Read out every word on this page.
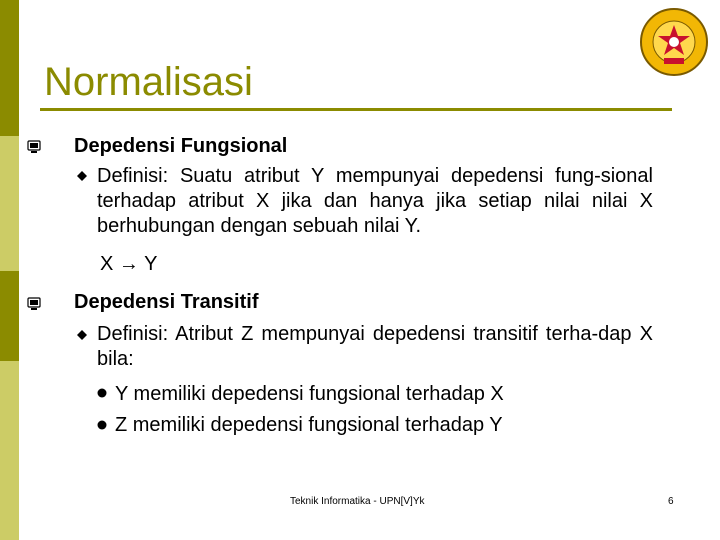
Normalisasi
Depedensi Fungsional

Definisi: Suatu atribut Y mempunyai depedensi fung-sional terhadap atribut X jika dan hanya jika setiap nilai nilai X berhubungan dengan sebuah nilai Y.

X → Y
Depedensi Transitif

Definisi: Atribut Z mempunyai depedensi transitif terha-dap X bila:

Y memiliki depedensi fungsional terhadap X
Z memiliki depedensi fungsional terhadap Y
Teknik Informatika - UPN[V]Yk	6
